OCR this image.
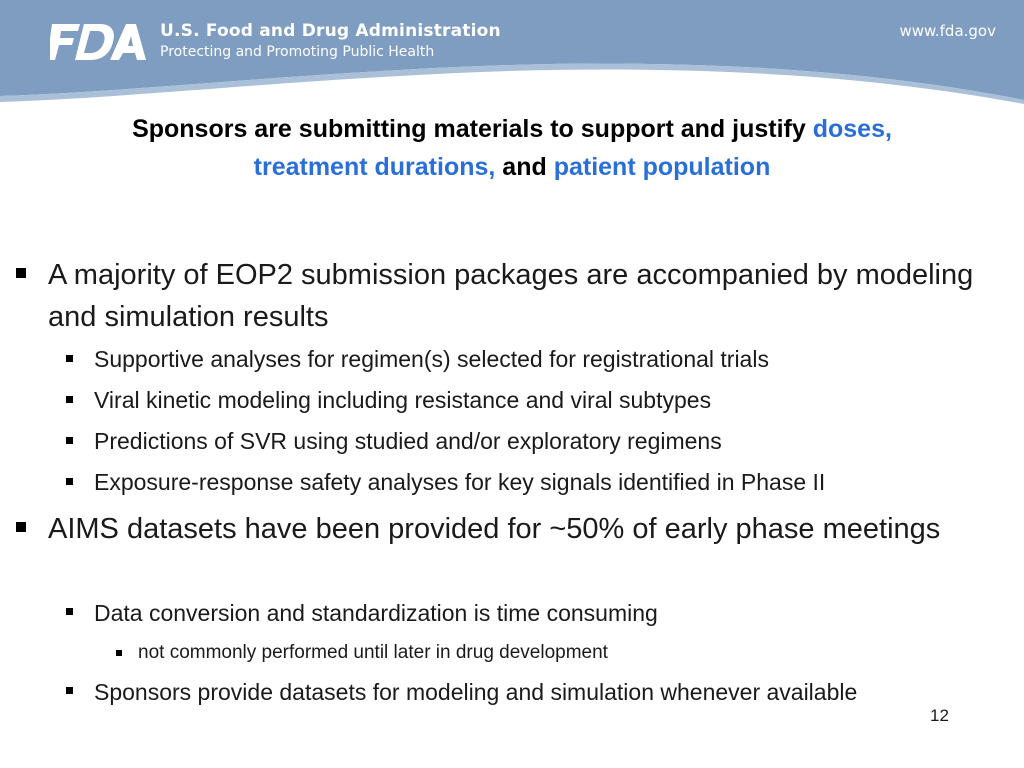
U.S. Food and Drug Administration
Protecting and Promoting Public Health
www.fda.gov
Sponsors are submitting materials to support and justify doses,
treatment durations, and patient population
A majority of EOP2 submission packages are accompanied by modeling and simulation results
Supportive analyses for regimen(s) selected for registrational trials
Viral kinetic modeling including resistance and viral subtypes
Predictions of SVR using studied and/or exploratory regimens
Exposure-response safety analyses for key signals identified in Phase II
AIMS datasets have been provided for ~50% of early phase meetings
Data conversion and standardization is time consuming
not commonly performed until later in drug development
Sponsors provide datasets for modeling and simulation whenever available
12
